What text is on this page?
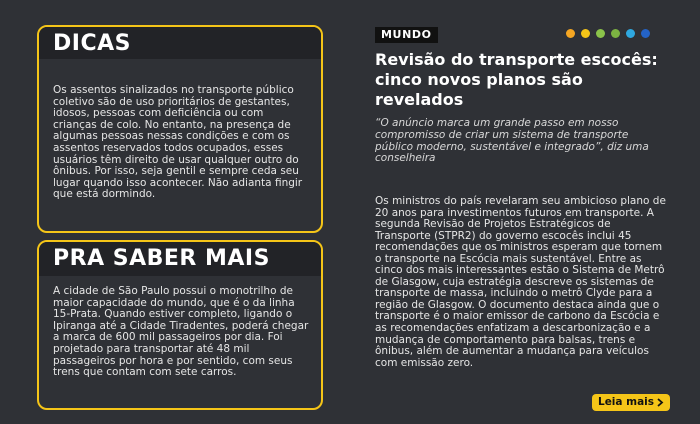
DICAS
Os assentos sinalizados no transporte público coletivo são de uso prioritários de gestantes, idosos, pessoas com deficiência ou com crianças de colo. No entanto, na presença de algumas pessoas nessas condições e com os assentos reservados todos ocupados, esses usuários têm direito de usar qualquer outro do ônibus. Por isso, seja gentil e sempre ceda seu lugar quando isso acontecer. Não adianta fingir que está dormindo.
PRA SABER MAIS
A cidade de São Paulo possui o monotrilho de maior capacidade do mundo, que é o da linha 15-Prata. Quando estiver completo, ligando o Ipiranga até a Cidade Tiradentes, poderá chegar a marca de 600 mil passageiros por dia. Foi projetado para transportar até 48 mil passageiros por hora e por sentido, com seus trens que contam com sete carros.
MUNDO
Revisão do transporte escocês: cinco novos planos são revelados
“O anúncio marca um grande passo em nosso compromisso de criar um sistema de transporte público moderno, sustentável e integrado”, diz uma conselheira
Os ministros do país revelaram seu ambicioso plano de 20 anos para investimentos futuros em transporte. A segunda Revisão de Projetos Estratégicos de Transporte (STPR2) do governo escocês inclui 45 recomendações que os ministros esperam que tornem o transporte na Escócia mais sustentável. Entre as cinco dos mais interessantes estão o Sistema de Metrô de Glasgow, cuja estratégia descreve os sistemas de transporte de massa, incluindo o metrô Clyde para a região de Glasgow. O documento destaca ainda que o transporte é o maior emissor de carbono da Escócia e as recomendações enfatizam a descarbonização e a mudança de comportamento para balsas, trens e ônibus, além de aumentar a mudança para veículos com emissão zero.
Leia mais
